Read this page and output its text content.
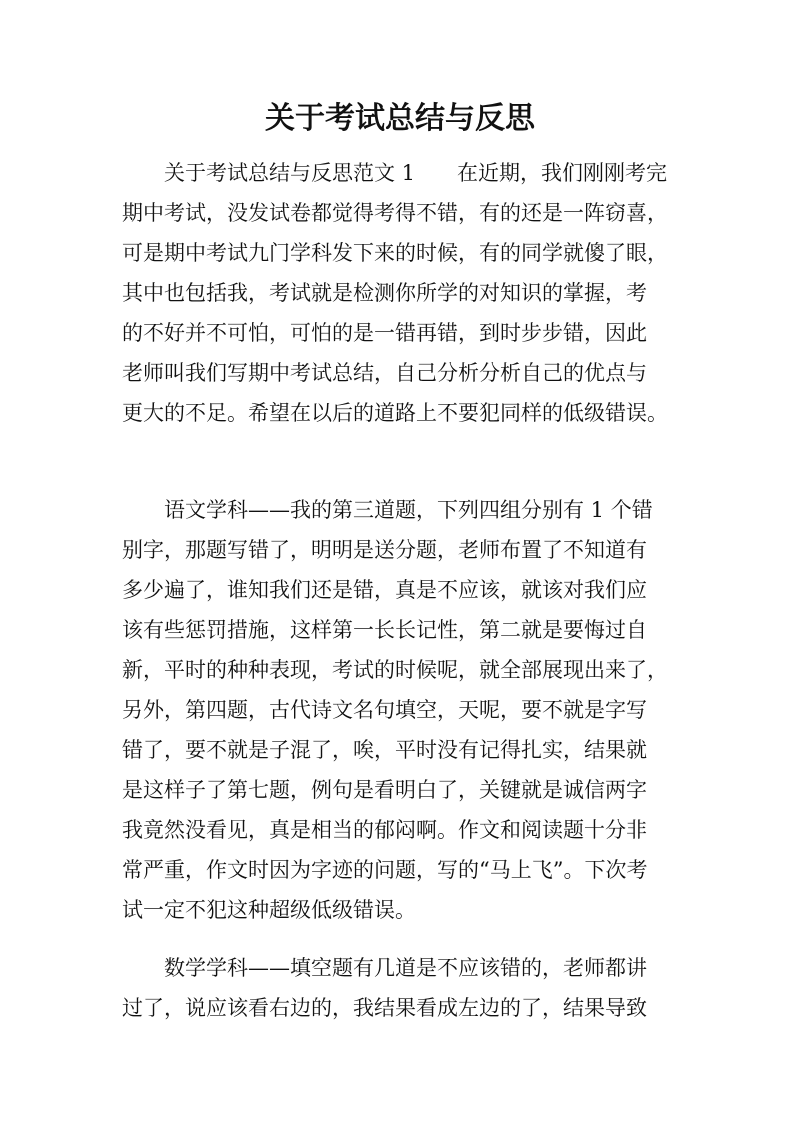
关于考试总结与反思
关于考试总结与反思范文 1　　在近期，我们刚刚考完
期中考试，没发试卷都觉得考得不错，有的还是一阵窃喜，
可是期中考试九门学科发下来的时候，有的同学就傻了眼，
其中也包括我，考试就是检测你所学的对知识的掌握，考
的不好并不可怕，可怕的是一错再错，到时步步错，因此
老师叫我们写期中考试总结，自己分析分析自己的优点与
更大的不足。希望在以后的道路上不要犯同样的低级错误。
语文学科——我的第三道题，下列四组分别有 1 个错
别字，那题写错了，明明是送分题，老师布置了不知道有
多少遍了，谁知我们还是错，真是不应该，就该对我们应
该有些惩罚措施，这样第一长长记性，第二就是要悔过自
新，平时的种种表现，考试的时候呢，就全部展现出来了，
另外，第四题，古代诗文名句填空，天呢，要不就是字写
错了，要不就是子混了，唉，平时没有记得扎实，结果就
是这样子了第七题，例句是看明白了，关键就是诚信两字
我竟然没看见，真是相当的郁闷啊。作文和阅读题十分非
常严重，作文时因为字迹的问题，写的“马上飞”。下次考
试一定不犯这种超级低级错误。
数学学科——填空题有几道是不应该错的，老师都讲
过了，说应该看右边的，我结果看成左边的了，结果导致
